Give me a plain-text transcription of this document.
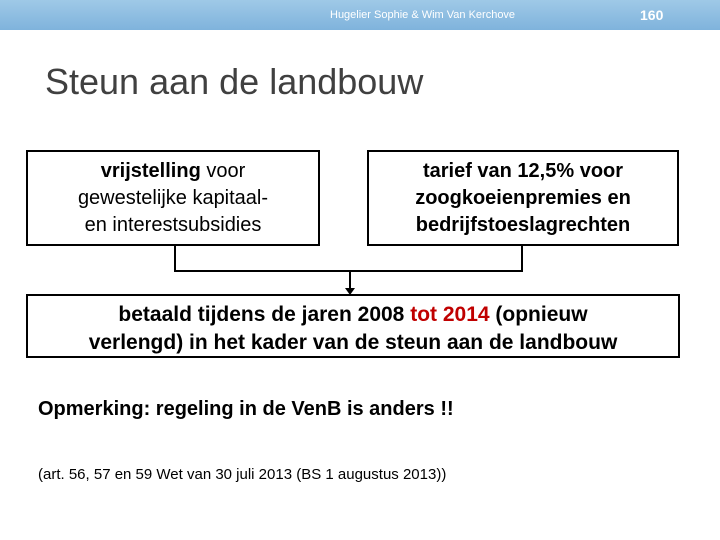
Hugelier Sophie & Wim Van Kerchove	160
Steun aan de landbouw
vrijstelling voor
gewestelijke kapitaal-
en interestsubsidies
tarief van 12,5% voor
zoogkoeienpremies en
bedrijfstoeslagrechten
betaald tijdens de jaren 2008 tot 2014 (opnieuw
verlengd) in het kader van de steun aan de landbouw
Opmerking: regeling in de VenB is anders !!
(art. 56, 57 en 59 Wet van 30 juli 2013 (BS 1 augustus 2013))
